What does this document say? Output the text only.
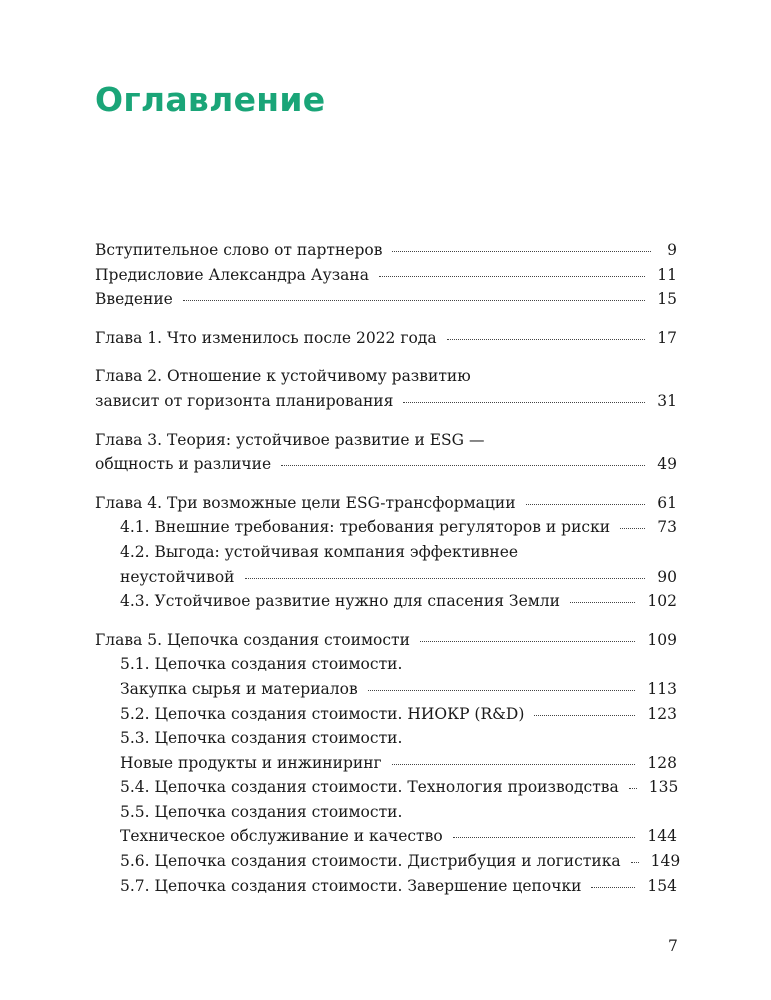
Оглавление
Вступительное слово от партнеров	9
Предисловие Александра Аузана	11
Введение	15
Глава 1. Что изменилось после 2022 года	17
Глава 2. Отношение к устойчивому развитию
зависит от горизонта планирования	31
Глава 3. Теория: устойчивое развитие и ESG —
общность и различие	49
Глава 4. Три возможные цели ESG-трансформации	61
4.1. Внешние требования: требования регуляторов и риски	73
4.2. Выгода: устойчивая компания эффективнее
неустойчивой	90
4.3. Устойчивое развитие нужно для спасения Земли	102
Глава 5. Цепочка создания стоимости	109
5.1. Цепочка создания стоимости.
Закупка сырья и материалов	113
5.2. Цепочка создания стоимости. НИОКР (R&D)	123
5.3. Цепочка создания стоимости.
Новые продукты и инжиниринг	128
5.4. Цепочка создания стоимости. Технология производства 135
5.5. Цепочка создания стоимости.
Техническое обслуживание и качество	144
5.6. Цепочка создания стоимости. Дистрибуция и логистика 149
5.7. Цепочка создания стоимости. Завершение цепочки	154
7
